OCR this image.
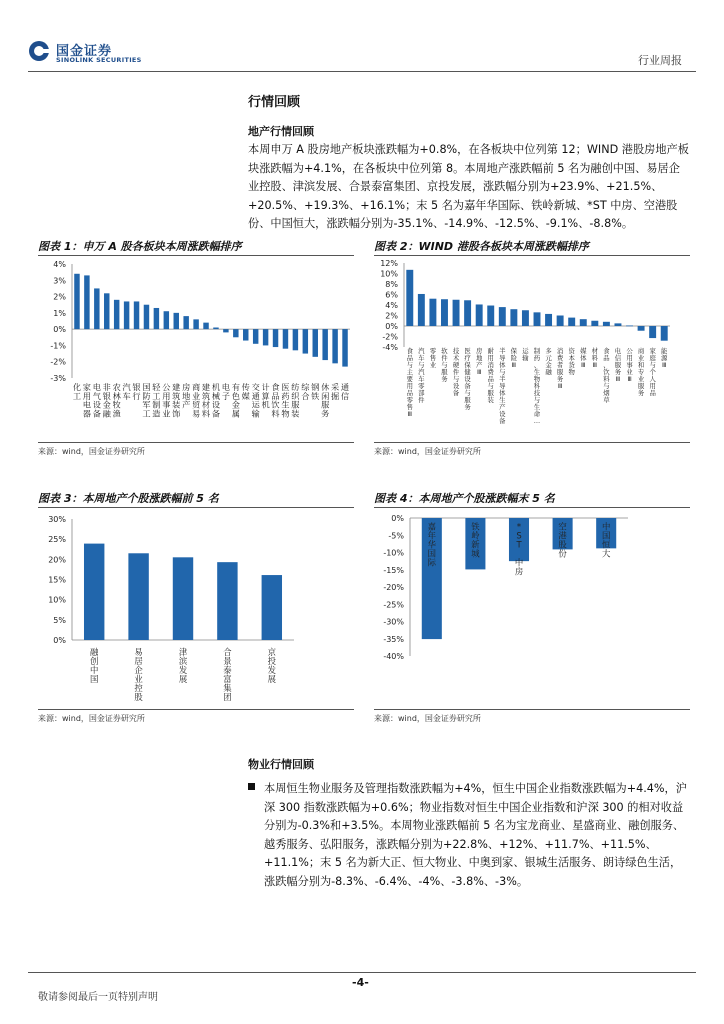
国金证券
SINOLINK SECURITIES	行业周报
行情回顾
地产行情回顾
本周申万 A 股房地产板块涨跌幅为+0.8%，在各板块中位列第 12；WIND 港股房地产板块涨跌幅为+4.1%，在各板块中位列第 8。本周地产涨跌幅前 5 名为融创中国、易居企业控股、津滨发展、合景泰富集团、京投发展，涨跌幅分别为+23.9%、+21.5%、+20.5%、+19.3%、+16.1%；末 5 名为嘉年华国际、铁岭新城、*ST 中房、空港股份、中国恒大，涨跌幅分别为-35.1%、-14.9%、-12.5%、-9.1%、-8.8%。
图表 1：申万 A 股各板块本周涨跌幅排序	图表 2：WIND 港股各板块本周涨跌幅排序
4%
3%
2%
1%
0%
-1%
-2%
-3%
化工
家用电器
电气设备
非银金融
农林牧渔
汽车
银行
国防军工
轻工制造
公用事业
建筑装饰
房地产
商业贸易
建筑材料
机械设备
电子
有色金属
传媒
交通运输
计算机
食品饮料
医药生物
纺织服装
综合
钢铁
休闲服务
采掘
通信
12%
10%
8%
6%
4%
2%
0%
-2%
-4% 食品与主要用品零售 Ⅲ
汽车与汽车零部件
零售业
软件与服务
技术硬件与设备
医疗保健设备与服务
房地产 Ⅲ
耐用消费品与服装
半导体与半导体生产设备
保险 Ⅲ
运输
制药、生物科技与生命…
多元金融
消费者服务 Ⅲ
资本货物
媒体 Ⅲ
材料 Ⅲ
食品、饮料与烟草
电信服务 Ⅲ
公用事业 Ⅲ
商业和专业服务
家庭与个人用品
能源 Ⅲ
来源：wind，国金证券研究所	来源：wind，国金证券研究所
图表 3：本周地产个股涨跌幅前 5 名	图表 4：本周地产个股涨跌幅末 5 名
30%
25%
20%
15%
10%
5%
0%
融创中国
易居企业控股
津滨发展
合景泰富集团
京投发展
0%
-5%
-10%
-15%
-20%
-25%
-30%
-35%
-40%
嘉年华国际
铁岭新城
* S T 中房
空港股份
中国恒大
来源：wind，国金证券研究所	来源：wind，国金证券研究所
物业行情回顾
本周恒生物业服务及管理指数涨跌幅为+4%，恒生中国企业指数涨跌幅为+4.4%，沪深 300 指数涨跌幅为+0.6%；物业指数对恒生中国企业指数和沪深 300 的相对收益分别为-0.3%和+3.5%。本周物业涨跌幅前 5 名为宝龙商业、星盛商业、融创服务、越秀服务、弘阳服务，涨跌幅分别为+22.8%、+12%、+11.7%、+11.5%、+11.1%；末 5 名为新大正、恒大物业、中奥到家、银城生活服务、朗诗绿色生活，涨跌幅分别为-8.3%、-6.4%、-4%、-3.8%、-3%。
-4-
敬请参阅最后一页特别声明
